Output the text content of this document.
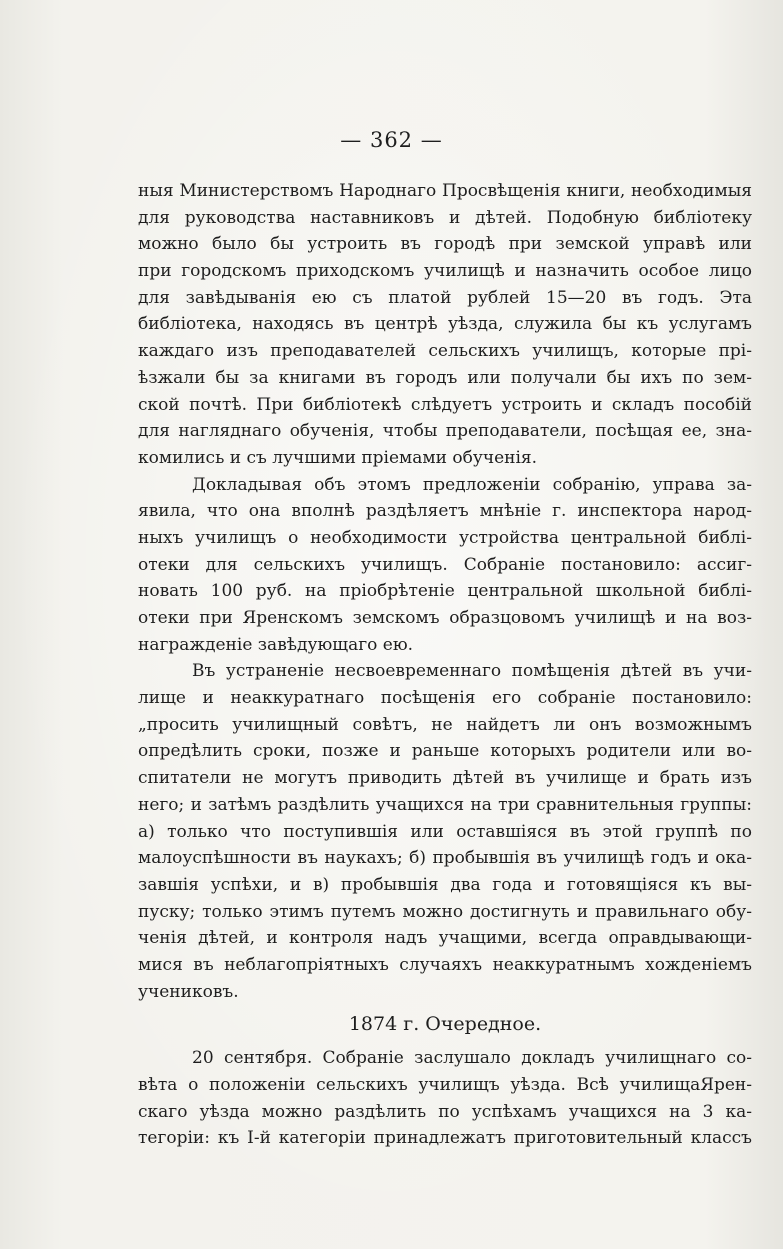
— 362 —
ныя Министерствомъ Народнаго Просвѣщенія книги, необходимыя
для руководства наставниковъ и дѣтей. Подобную библіотеку
можно было бы устроить въ городѣ при земской управѣ или
при городскомъ приходскомъ училищѣ и назначить особое лицо
для завѣдыванія ею съ платой рублей 15—20 въ годъ. Эта
библіотека, находясь въ центрѣ уѣзда, служила бы къ услугамъ
каждаго изъ преподавателей сельскихъ училищъ, которые прі-
ѣзжали бы за книгами въ городъ или получали бы ихъ по зем-
ской почтѣ. При библіотекѣ слѣдуетъ устроить и складъ пособій
для нагляднаго обученія, чтобы преподаватели, посѣщая ее, зна-
комились и съ лучшими пріемами обученія.
Докладывая объ этомъ предложеніи собранію, управа за-
явила, что она вполнѣ раздѣляетъ мнѣніе г. инспектора народ-
ныхъ училищъ о необходимости устройства центральной библі-
отеки для сельскихъ училищъ. Собраніе постановило: ассиг-
новать 100 руб. на пріобрѣтеніе центральной школьной библі-
отеки при Яренскомъ земскомъ образцовомъ училищѣ и на воз-
награжденіе завѣдующаго ею.
Въ устраненіе несвоевременнаго помѣщенія дѣтей въ учи-
лище и неаккуратнаго посѣщенія его собраніе постановило:
„просить училищный совѣтъ, не найдетъ ли онъ возможнымъ
опредѣлить сроки, позже и раньше которыхъ родители или во-
спитатели не могутъ приводить дѣтей въ училище и брать изъ
него; и затѣмъ раздѣлить учащихся на три сравнительныя группы:
а) только что поступившія или оставшіяся въ этой группѣ по
малоуспѣшности въ наукахъ; б) пробывшія въ училищѣ годъ и ока-
завшія успѣхи, и в) пробывшія два года и готовящіяся къ вы-
пуску; только этимъ путемъ можно достигнуть и правильнаго обу-
ченія дѣтей, и контроля надъ учащими, всегда оправдывающи-
мися въ неблагопріятныхъ случаяхъ неаккуратнымъ хожденіемъ
учениковъ.
1874 г. Очередное.
20 сентября. Собраніе заслушало докладъ училищнаго со-
вѣта о положеніи сельскихъ училищъ уѣзда. Всѣ училищаЯрен-
скаго уѣзда можно раздѣлить по успѣхамъ учащихся на 3 ка-
тегоріи: къ І-й категоріи принадлежатъ приготовительный классъ
